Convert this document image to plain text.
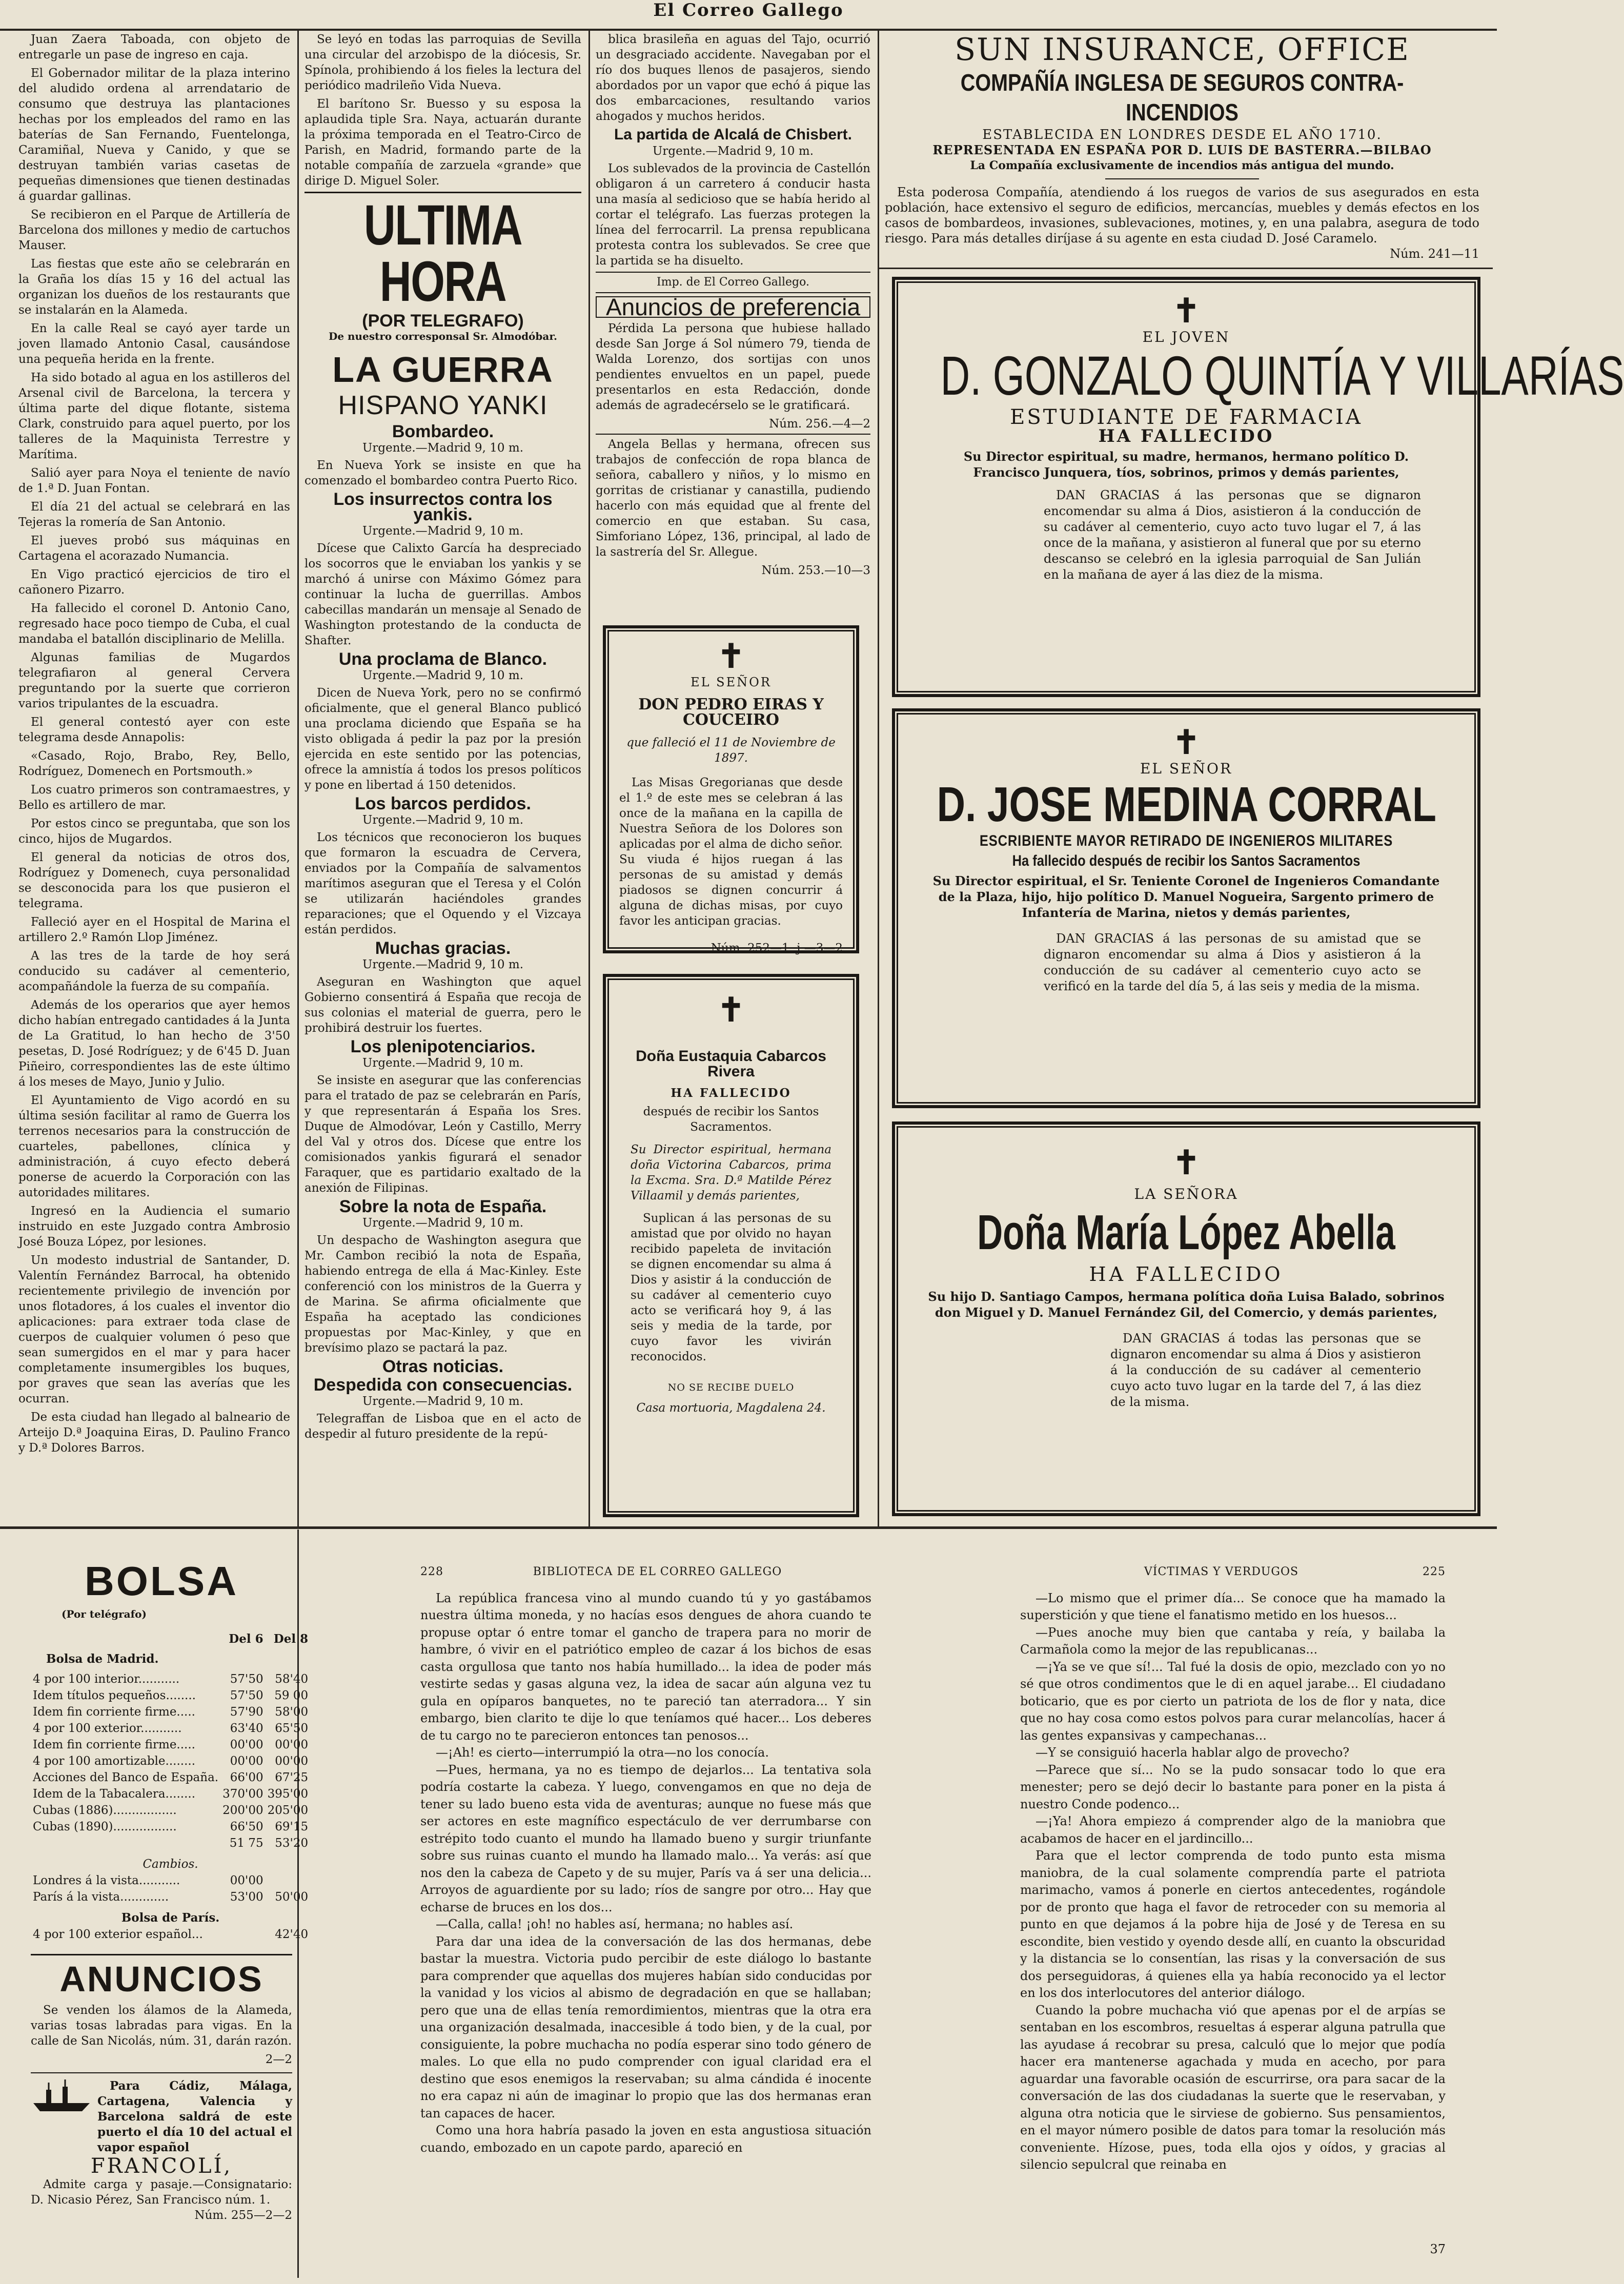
El Correo Gallego

Juan Zaera Taboada, con objeto de entregarle un pase de ingreso en caja.

El Gobernador militar de la plaza interino del aludido ordena al arrendatario de consumo que destruya las plantaciones hechas por los empleados del ramo en las baterías de San Fernando, Fuentelonga, Caramiñal, Nueva y Canido, y que se destruyan también varias casetas de pequeñas dimensiones que tienen destinadas á guardar gallinas.

Se recibieron en el Parque de Artillería de Barcelona dos millones y medio de cartuchos Mauser.

Las fiestas que este año se celebrarán en la Graña los días 15 y 16 del actual las organizan los dueños de los restaurants que se instalarán en la Alameda.

En la calle Real se cayó ayer tarde un joven llamado Antonio Casal, causándose una pequeña herida en la frente.

Ha sido botado al agua en los astilleros del Arsenal civil de Barcelona, la tercera y última parte del dique flotante, sistema Clark, construido para aquel puerto, por los talleres de la Maquinista Terrestre y Marítima.

Salió ayer para Noya el teniente de navío de 1.ª D. Juan Fontan.

El día 21 del actual se celebrará en las Tejeras la romería de San Antonio.

El jueves probó sus máquinas en Cartagena el acorazado Numancia.

En Vigo practicó ejercicios de tiro el cañonero Pizarro.

Ha fallecido el coronel D. Antonio Cano, regresado hace poco tiempo de Cuba, el cual mandaba el batallón disciplinario de Melilla.

Algunas familias de Mugardos telegrafiaron al general Cervera preguntando por la suerte que corrieron varios tripulantes de la escuadra.

El general contestó ayer con este telegrama desde Annapolis:

«Casado, Rojo, Brabo, Rey, Bello, Rodríguez, Domenech en Portsmouth.»

Los cuatro primeros son contramaestres, y Bello es artillero de mar.

Por estos cinco se preguntaba, que son los cinco, hijos de Mugardos.

El general da noticias de otros dos, Rodríguez y Domenech, cuya personalidad se desconocida para los que pusieron el telegrama.

Falleció ayer en el Hospital de Marina el artillero 2.º Ramón Llop Jiménez.

A las tres de la tarde de hoy será conducido su cadáver al cementerio, acompañándole la fuerza de su compañía.

Además de los operarios que ayer hemos dicho habían entregado cantidades á la Junta de La Gratitud, lo han hecho de 3'50 pesetas, D. José Rodríguez; y de 6'45 D. Juan Piñeiro, correspondientes las de este último á los meses de Mayo, Junio y Julio.

El Ayuntamiento de Vigo acordó en su última sesión facilitar al ramo de Guerra los terrenos necesarios para la construcción de cuarteles, pabellones, clínica y administración, á cuyo efecto deberá ponerse de acuerdo la Corporación con las autoridades militares.

Ingresó en la Audiencia el sumario instruido en este Juzgado contra Ambrosio José Bouza López, por lesiones.

Un modesto industrial de Santander, D. Valentín Fernández Barrocal, ha obtenido recientemente privilegio de invención por unos flotadores, á los cuales el inventor dio aplicaciones: para extraer toda clase de cuerpos de cualquier volumen ó peso que sean sumergidos en el mar y para hacer completamente insumergibles los buques, por graves que sean las averías que les ocurran.

De esta ciudad han llegado al balneario de Arteijo D.ª Joaquina Eiras, D. Paulino Franco y D.ª Dolores Barros.

Se leyó en todas las parroquias de Sevilla una circular del arzobispo de la diócesis, Sr. Spínola, prohibiendo á los fieles la lectura del periódico madrileño Vida Nueva.

El barítono Sr. Buesso y su esposa la aplaudida tiple Sra. Naya, actuarán durante la próxima temporada en el Teatro-Circo de Parish, en Madrid, formando parte de la notable compañía de zarzuela «grande» que dirige D. Miguel Soler.

ULTIMA HORA
(POR TELEGRAFO)
De nuestro corresponsal Sr. Almodóbar.
LA GUERRA
HISPANO YANKI
Bombardeo.
Urgente.—Madrid 9, 10 m.

En Nueva York se insiste en que ha comenzado el bombardeo contra Puerto Rico.

Los insurrectos contra los yankis.
Urgente.—Madrid 9, 10 m.

Dícese que Calixto García ha despreciado los socorros que le enviaban los yankis y se marchó á unirse con Máximo Gómez para continuar la lucha de guerrillas. Ambos cabecillas mandarán un mensaje al Senado de Washington protestando de la conducta de Shafter.

Una proclama de Blanco.
Urgente.—Madrid 9, 10 m.

Dicen de Nueva York, pero no se confirmó oficialmente, que el general Blanco publicó una proclama diciendo que España se ha visto obligada á pedir la paz por la presión ejercida en este sentido por las potencias, ofrece la amnistía á todos los presos políticos y pone en libertad á 150 detenidos.

Los barcos perdidos.
Urgente.—Madrid 9, 10 m.

Los técnicos que reconocieron los buques que formaron la escuadra de Cervera, enviados por la Compañía de salvamentos marítimos aseguran que el Teresa y el Colón se utilizarán haciéndoles grandes reparaciones; que el Oquendo y el Vizcaya están perdidos.

Muchas gracias.
Urgente.—Madrid 9, 10 m.

Aseguran en Washington que aquel Gobierno consentirá á España que recoja de sus colonias el material de guerra, pero le prohibirá destruir los fuertes.

Los plenipotenciarios.
Urgente.—Madrid 9, 10 m.

Se insiste en asegurar que las conferencias para el tratado de paz se celebrarán en París, y que representarán á España los Sres. Duque de Almodóvar, León y Castillo, Merry del Val y otros dos. Dícese que entre los comisionados yankis figurará el senador Faraquer, que es partidario exaltado de la anexión de Filipinas.

Sobre la nota de España.
Urgente.—Madrid 9, 10 m.

Un despacho de Washington asegura que Mr. Cambon recibió la nota de España, habiendo entrega de ella á Mac-Kinley. Este conferenció con los ministros de la Guerra y de Marina. Se afirma oficialmente que España ha aceptado las condiciones propuestas por Mac-Kinley, y que en brevísimo plazo se pactará la paz.

Otras noticias.
Despedida con consecuencias.
Urgente.—Madrid 9, 10 m.

Telegraffan de Lisboa que en el acto de despedir al futuro presidente de la repú-

blica brasileña en aguas del Tajo, ocurrió un desgraciado accidente. Navegaban por el río dos buques llenos de pasajeros, siendo abordados por un vapor que echó á pique las dos embarcaciones, resultando varios ahogados y muchos heridos.

La partida de Alcalá de Chisbert.
Urgente.—Madrid 9, 10 m.

Los sublevados de la provincia de Castellón obligaron á un carretero á conducir hasta una masía al sedicioso que se había herido al cortar el telégrafo. Las fuerzas protegen la línea del ferrocarril. La prensa republicana protesta contra los sublevados. Se cree que la partida se ha disuelto.

Imp. de El Correo Gallego.
Anuncios de preferencia

Pérdida La persona que hubiese hallado desde San Jorge á Sol número 79, tienda de Walda Lorenzo, dos sortijas con unos pendientes envueltos en un papel, puede presentarlos en esta Redacción, donde además de agradecérselo se le gratificará.

Núm. 256.—4—2

Angela Bellas y hermana, ofrecen sus trabajos de confección de ropa blanca de señora, caballero y niños, y lo mismo en gorritas de cristianar y canastilla, pudiendo hacerlo con más equidad que al frente del comercio en que estaban. Su casa, Simforiano López, 136, principal, al lado de la sastrería del Sr. Allegue.

Núm. 253.—10—3
✝
EL SEÑOR
DON PEDRO EIRAS Y COUCEIRO
que falleció el 11 de Noviembre de 1897.

Las Misas Gregorianas que desde el 1.º de este mes se celebran á las once de la mañana en la capilla de Nuestra Señora de los Dolores son aplicadas por el alma de dicho señor. Su viuda é hijos ruegan á las personas de su amistad y demás piadosos se dignen concurrir á alguna de dichas misas, por cuyo favor les anticipan gracias.

Núm. 252—1. j.—3—2
✝
Doña Eustaquia Cabarcos Rivera
HA FALLECIDO
después de recibir los Santos Sacramentos.

Su Director espiritual, hermana doña Victorina Cabarcos, prima la Excma. Sra. D.ª Matilde Pérez Villaamil y demás parientes,

Suplican á las personas de su amistad que por olvido no hayan recibido papeleta de invitación se dignen encomendar su alma á Dios y asistir á la conducción de su cadáver al cementerio cuyo acto se verificará hoy 9, á las seis y media de la tarde, por cuyo favor les vivirán reconocidos.

NO SE RECIBE DUELO
Casa mortuoria, Magdalena 24.
SUN INSURANCE, OFFICE
COMPAÑÍA INGLESA DE SEGUROS CONTRA-INCENDIOS
ESTABLECIDA EN LONDRES DESDE EL AÑO 1710.
REPRESENTADA EN ESPAÑA POR D. LUIS DE BASTERRA.—BILBAO
La Compañía exclusivamente de incendios más antigua del mundo.

Esta poderosa Compañía, atendiendo á los ruegos de varios de sus asegurados en esta población, hace extensivo el seguro de edificios, mercancías, muebles y demás efectos en los casos de bombardeos, invasiones, sublevaciones, motines, y, en una palabra, asegura de todo riesgo. Para más detalles diríjase á su agente en esta ciudad D. José Caramelo.

Núm. 241—11
✝
EL JOVEN
D. GONZALO QUINTÍA Y VILLARÍAS
ESTUDIANTE DE FARMACIA
HA FALLECIDO
Su Director espiritual, su madre, hermanos, hermano político D. Francisco Junquera, tíos, sobrinos, primos y demás parientes,

DAN GRACIAS á las personas que se dignaron encomendar su alma á Dios, asistieron á la conducción de su cadáver al cementerio, cuyo acto tuvo lugar el 7, á las once de la mañana, y asistieron al funeral que por su eterno descanso se celebró en la iglesia parroquial de San Julián en la mañana de ayer á las diez de la misma.

✝
EL SEÑOR
D. JOSE MEDINA CORRAL
ESCRIBIENTE MAYOR RETIRADO DE INGENIEROS MILITARES
Ha fallecido después de recibir los Santos Sacramentos
Su Director espiritual, el Sr. Teniente Coronel de Ingenieros Comandante de la Plaza, hijo, hijo político D. Manuel Nogueira, Sargento primero de Infantería de Marina, nietos y demás parientes,

DAN GRACIAS á las personas de su amistad que se dignaron encomendar su alma á Dios y asistieron á la conducción de su cadáver al cementerio cuyo acto se verificó en la tarde del día 5, á las seis y media de la misma.

✝
LA SEÑORA
Doña María López Abella
HA FALLECIDO
Su hijo D. Santiago Campos, hermana política doña Luisa Balado, sobrinos don Miguel y D. Manuel Fernández Gil, del Comercio, y demás parientes,

DAN GRACIAS á todas las personas que se dignaron encomendar su alma á Dios y asistieron á la conducción de su cadáver al cementerio cuyo acto tuvo lugar en la tarde del 7, á las diez de la misma.

BOLSA
(Por telégrafo)
	Del 6	Del 8
Bolsa de Madrid.		
4 por 100 interior...........	57'50	58'40
Idem títulos pequeños........	57'50	59 00
Idem fin corriente firme.....	57'90	58'00
4 por 100 exterior...........	63'40	65'50
Idem fin corriente firme.....	00'00	00'00
4 por 100 amortizable........	00'00	00'00
Acciones del Banco de España.	66'00	67'25
Idem de la Tabacalera........	370'00	395'00
Cubas (1886).................	200'00	205'00
Cubas (1890).................	66'50	69'15
	51 75	53'20
Cambios.		
Londres á la vista...........	00'00	
París á la vista.............	53'00	50'00
Bolsa de París.		
4 por 100 exterior español...		42'40
ANUNCIOS

Se venden los álamos de la Alameda, varias tosas labradas para vigas. En la calle de San Nicolás, núm. 31, darán razón.

2—2

Para Cádiz, Málaga, Cartagena, Valencia y Barcelona saldrá de este puerto el día 10 del actual el vapor español

FRANCOLÍ,

Admite carga y pasaje.—Consignatario: D. Nicasio Pérez, San Francisco núm. 1.

Núm. 255—2—2
228	BIBLIOTECA DE EL CORREO GALLEGO

La república francesa vino al mundo cuando tú y yo gastábamos nuestra última moneda, y no hacías esos dengues de ahora cuando te propuse optar ó entre tomar el gancho de trapera para no morir de hambre, ó vivir en el patriótico empleo de cazar á los bichos de esas casta orgullosa que tanto nos había humillado... la idea de poder más vestirte sedas y gasas alguna vez, la idea de sacar aún alguna vez tu gula en opíparos banquetes, no te pareció tan aterradora... Y sin embargo, bien clarito te dije lo que teníamos qué hacer... Los deberes de tu cargo no te parecieron entonces tan penosos...

—¡Ah! es cierto—interrumpió la otra—no los conocía.

—Pues, hermana, ya no es tiempo de dejarlos... La tentativa sola podría costarte la cabeza. Y luego, convengamos en que no deja de tener su lado bueno esta vida de aventuras; aunque no fuese más que ser actores en este magnífico espectáculo de ver derrumbarse con estrépito todo cuanto el mundo ha llamado bueno y surgir triunfante sobre sus ruinas cuanto el mundo ha llamado malo... Ya verás: así que nos den la cabeza de Capeto y de su mujer, París va á ser una delicia... Arroyos de aguardiente por su lado; ríos de sangre por otro... Hay que echarse de bruces en los dos...

—Calla, calla! ¡oh! no hables así, hermana; no hables así.

Para dar una idea de la conversación de las dos hermanas, debe bastar la muestra. Victoria pudo percibir de este diálogo lo bastante para comprender que aquellas dos mujeres habían sido conducidas por la vanidad y los vicios al abismo de degradación en que se hallaban; pero que una de ellas tenía remordimientos, mientras que la otra era una organización desalmada, inaccesible á todo bien, y de la cual, por consiguiente, la pobre muchacha no podía esperar sino todo género de males. Lo que ella no pudo comprender con igual claridad era el destino que esos enemigos la reservaban; su alma cándida é inocente no era capaz ni aún de imaginar lo propio que las dos hermanas eran tan capaces de hacer.

Como una hora habría pasado la joven en esta angustiosa situación cuando, embozado en un capote pardo, apareció en

VÍCTIMAS Y VERDUGOS	225

—Lo mismo que el primer día... Se conoce que ha mamado la superstición y que tiene el fanatismo metido en los huesos...

—Pues anoche muy bien que cantaba y reía, y bailaba la Carmañola como la mejor de las republicanas...

—¡Ya se ve que sí!... Tal fué la dosis de opio, mezclado con yo no sé que otros condimentos que le di en aquel jarabe... El ciudadano boticario, que es por cierto un patriota de los de flor y nata, dice que no hay cosa como estos polvos para curar melancolías, hacer á las gentes expansivas y campechanas...

—Y se consiguió hacerla hablar algo de provecho?

—Parece que sí... No se la pudo sonsacar todo lo que era menester; pero se dejó decir lo bastante para poner en la pista á nuestro Conde podenco...

—¡Ya! Ahora empiezo á comprender algo de la maniobra que acabamos de hacer en el jardincillo...

Para que el lector comprenda de todo punto esta misma maniobra, de la cual solamente comprendía parte el patriota marimacho, vamos á ponerle en ciertos antecedentes, rogándole por de pronto que haga el favor de retroceder con su memoria al punto en que dejamos á la pobre hija de José y de Teresa en su escondite, bien vestido y oyendo desde allí, en cuanto la obscuridad y la distancia se lo consentían, las risas y la conversación de sus dos perseguidoras, á quienes ella ya había reconocido ya el lector en los dos interlocutores del anterior diálogo.

Cuando la pobre muchacha vió que apenas por el de arpías se sentaban en los escombros, resueltas á esperar alguna patrulla que las ayudase á recobrar su presa, calculó que lo mejor que podía hacer era mantenerse agachada y muda en acecho, por para aguardar una favorable ocasión de escurrirse, ora para sacar de la conversación de las dos ciudadanas la suerte que le reservaban, y alguna otra noticia que le sirviese de gobierno. Sus pensamientos, en el mayor número posible de datos para tomar la resolución más conveniente. Hízose, pues, toda ella ojos y oídos, y gracias al silencio sepulcral que reinaba en

37
